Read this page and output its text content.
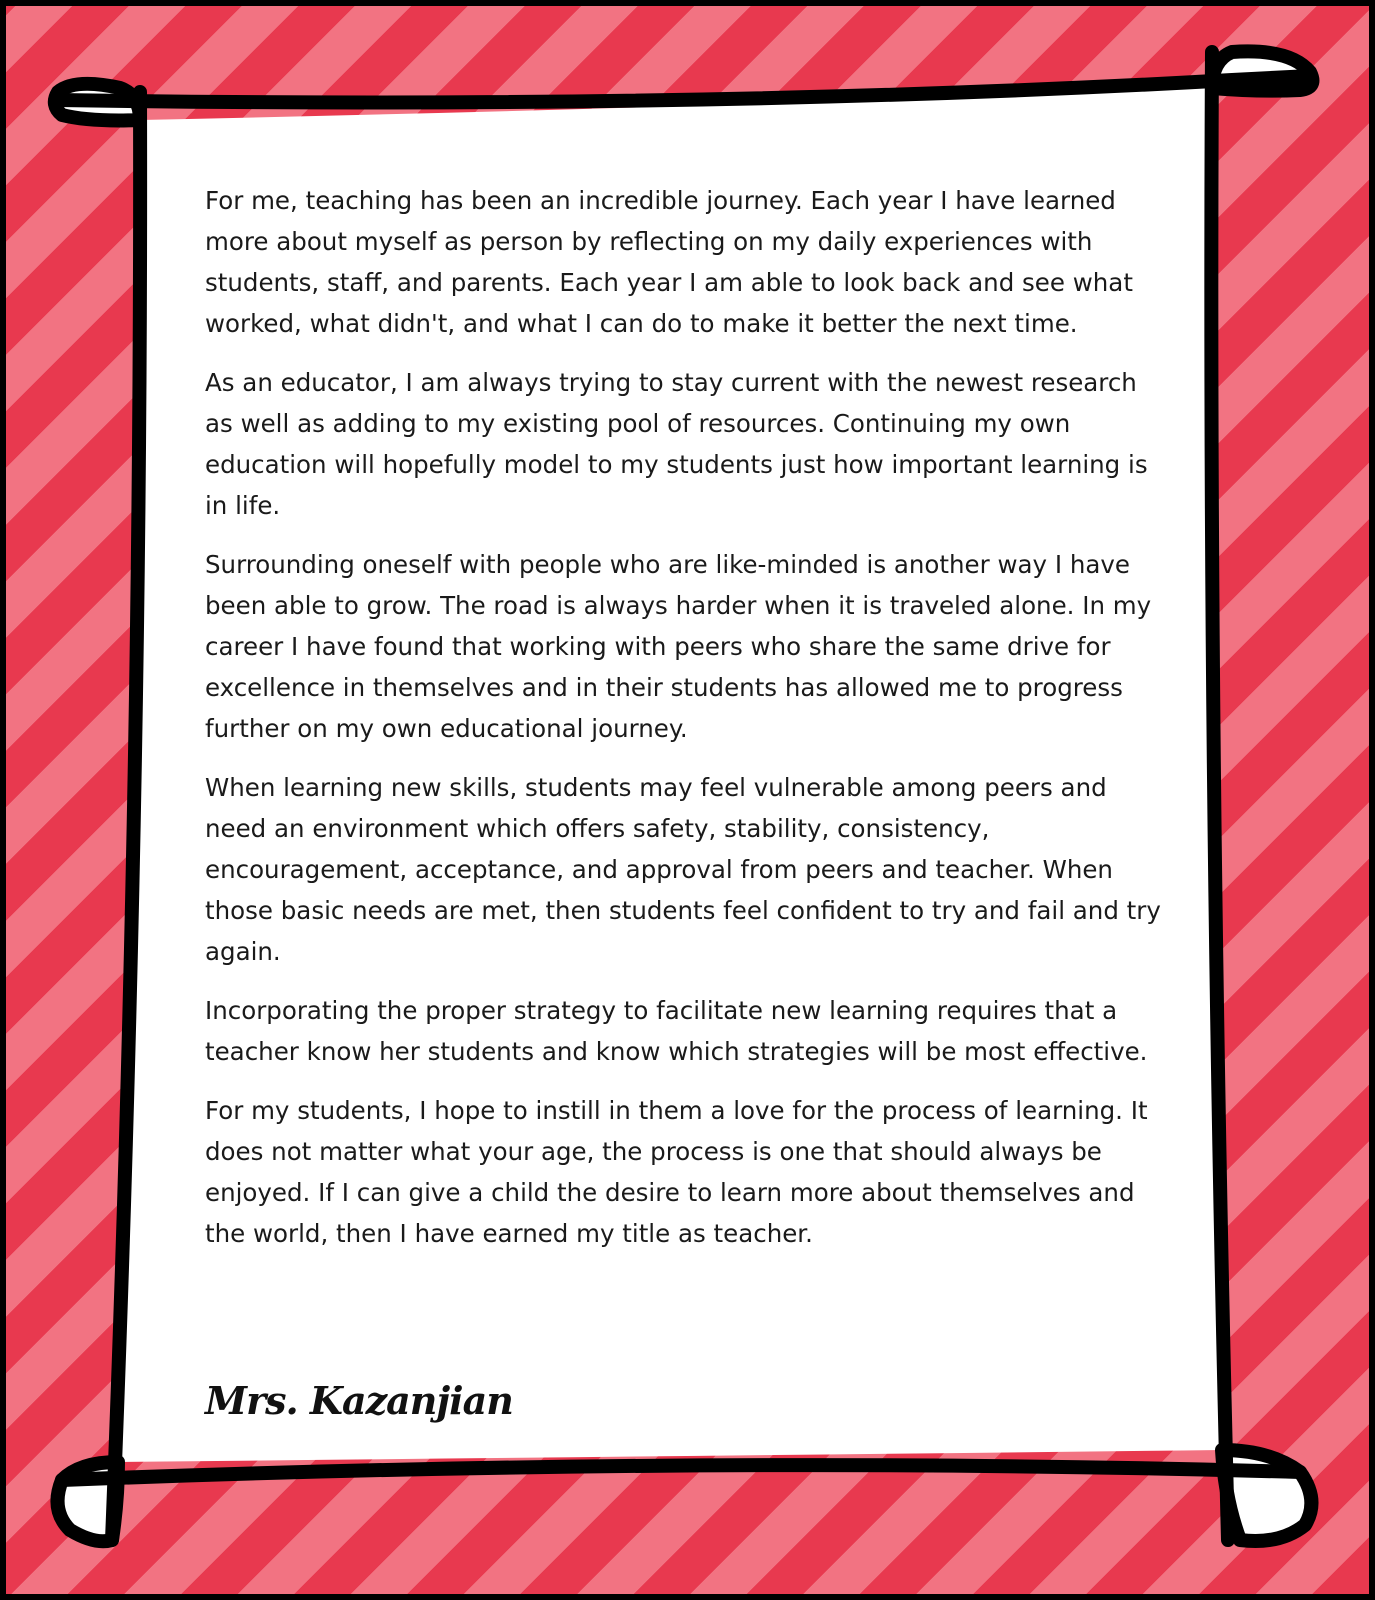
For me, teaching has been an incredible journey. Each year I have learned more about myself as person by reflecting on my daily experiences with students, staff, and parents. Each year I am able to look back and see what worked, what didn't, and what I can do to make it better the next time.

As an educator, I am always trying to stay current with the newest research as well as adding to my existing pool of resources. Continuing my own education will hopefully model to my students just how important learning is in life.

Surrounding oneself with people who are like-minded is another way I have been able to grow. The road is always harder when it is traveled alone. In my career I have found that working with peers who share the same drive for excellence in themselves and in their students has allowed me to progress further on my own educational journey.

When learning new skills, students may feel vulnerable among peers and need an environment which offers safety, stability, consistency, encouragement, acceptance, and approval from peers and teacher. When those basic needs are met, then students feel confident to try and fail and try again.

Incorporating the proper strategy to facilitate new learning requires that a teacher know her students and know which strategies will be most effective.

For my students, I hope to instill in them a love for the process of learning. It does not matter what your age, the process is one that should always be enjoyed. If I can give a child the desire to learn more about themselves and the world, then I have earned my title as teacher.

Mrs. Kazanjian
